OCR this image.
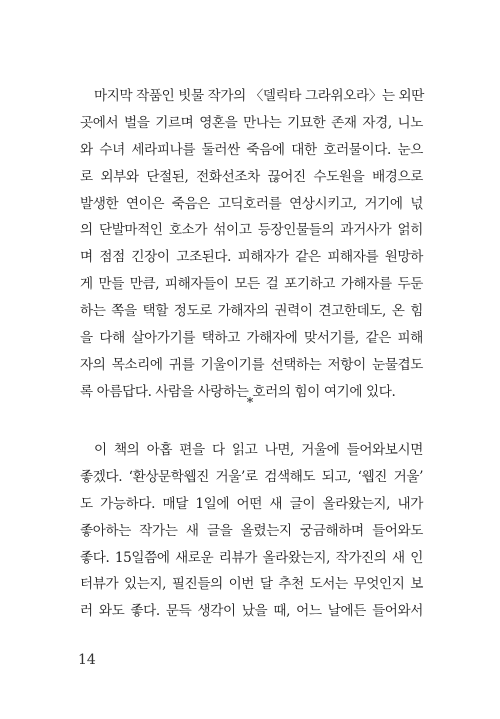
마지막 작품인 빗물 작가의 〈델릭타 그라위오라〉는 외딴
곳에서 벌을 기르며 영혼을 만나는 기묘한 존재 자경, 니노
와 수녀 세라피나를 둘러싼 죽음에 대한 호러물이다. 눈으
로 외부와 단절된, 전화선조차 끊어진 수도원을 배경으로
발생한 연이은 죽음은 고딕호러를 연상시키고, 거기에 넋
의 단발마적인 호소가 섞이고 등장인물들의 과거사가 얽히
며 점점 긴장이 고조된다. 피해자가 같은 피해자를 원망하
게 만들 만큼, 피해자들이 모든 걸 포기하고 가해자를 두둔
하는 쪽을 택할 정도로 가해자의 권력이 견고한데도, 온 힘
을 다해 살아가기를 택하고 가해자에 맞서기를, 같은 피해
자의 목소리에 귀를 기울이기를 선택하는 저항이 눈물겹도
록 아름답다. 사람을 사랑하는 호러의 힘이 여기에 있다.
*
이 책의 아홉 편을 다 읽고 나면, 거울에 들어와보시면
좋겠다. ‘환상문학웹진 거울’로 검색해도 되고, ‘웹진 거울’
도 가능하다. 매달 1일에 어떤 새 글이 올라왔는지, 내가
좋아하는 작가는 새 글을 올렸는지 궁금해하며 들어와도
좋다. 15일쯤에 새로운 리뷰가 올라왔는지, 작가진의 새 인
터뷰가 있는지, 필진들의 이번 달 추천 도서는 무엇인지 보
러 와도 좋다. 문득 생각이 났을 때, 어느 날에든 들어와서
14
